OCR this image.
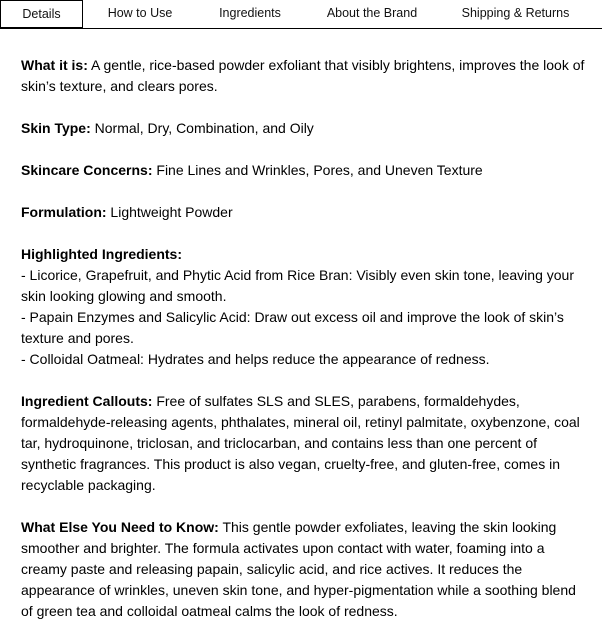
Details	How to Use	Ingredients	About the Brand	Shipping & Returns

What it is: A gentle, rice-based powder exfoliant that visibly brightens, improves the look of skin’s texture, and clears pores.

Skin Type: Normal, Dry, Combination, and Oily

Skincare Concerns: Fine Lines and Wrinkles, Pores, and Uneven Texture

Formulation: Lightweight Powder

Highlighted Ingredients:
- Licorice, Grapefruit, and Phytic Acid from Rice Bran: Visibly even skin tone, leaving your skin looking glowing and smooth.
- Papain Enzymes and Salicylic Acid: Draw out excess oil and improve the look of skin’s texture and pores.
- Colloidal Oatmeal: Hydrates and helps reduce the appearance of redness.

Ingredient Callouts: Free of sulfates SLS and SLES, parabens, formaldehydes, formaldehyde-releasing agents, phthalates, mineral oil, retinyl palmitate, oxybenzone, coal tar, hydroquinone, triclosan, and triclocarban, and contains less than one percent of synthetic fragrances. This product is also vegan, cruelty-free, and gluten-free, comes in recyclable packaging.

What Else You Need to Know: This gentle powder exfoliates, leaving the skin looking smoother and brighter. The formula activates upon contact with water, foaming into a creamy paste and releasing papain, salicylic acid, and rice actives. It reduces the appearance of wrinkles, uneven skin tone, and hyper-pigmentation while a soothing blend of green tea and colloidal oatmeal calms the look of redness.
